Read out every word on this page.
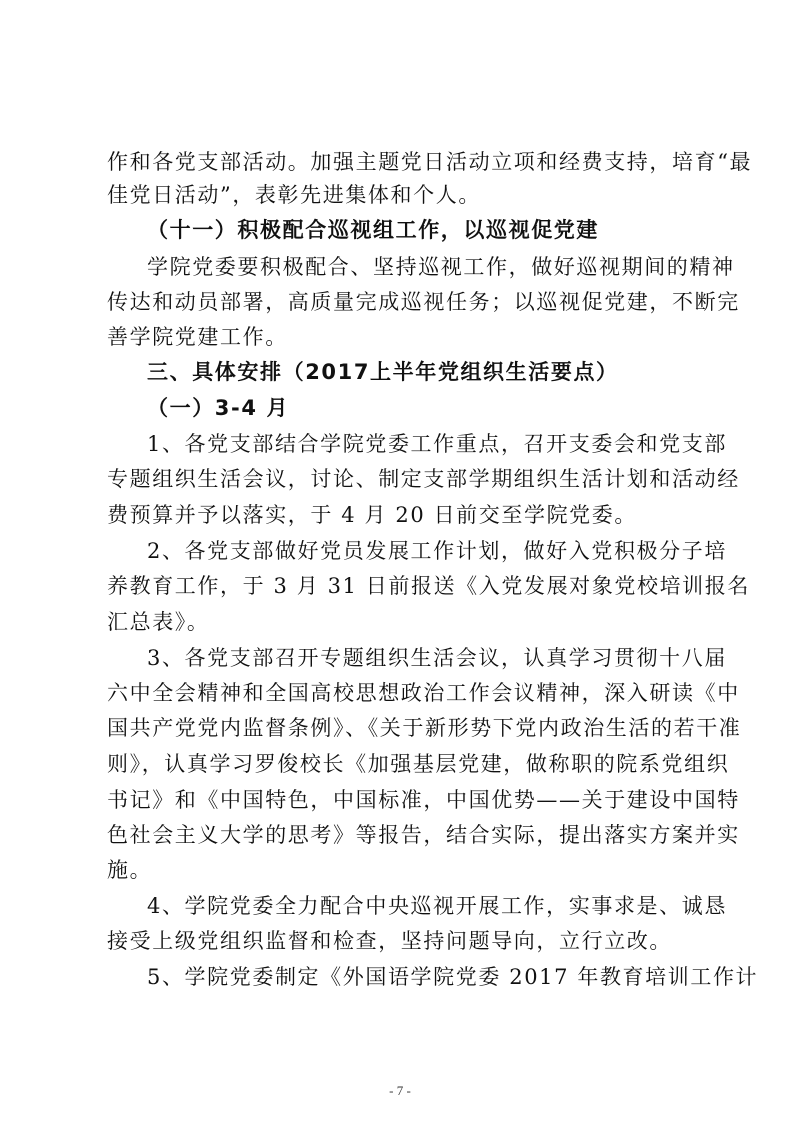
作和各党支部活动。加强主题党日活动立项和经费支持，培育“最
佳党日活动”，表彰先进集体和个人。
（十一）积极配合巡视组工作，以巡视促党建
学院党委要积极配合、坚持巡视工作，做好巡视期间的精神
传达和动员部署，高质量完成巡视任务；以巡视促党建，不断完
善学院党建工作。
三、具体安排（2017上半年党组织生活要点）
（一）3-4 月
1、各党支部结合学院党委工作重点，召开支委会和党支部
专题组织生活会议，讨论、制定支部学期组织生活计划和活动经
费预算并予以落实，于 4 月 20 日前交至学院党委。
2、各党支部做好党员发展工作计划，做好入党积极分子培
养教育工作，于 3 月 31 日前报送《入党发展对象党校培训报名
汇总表》。
3、各党支部召开专题组织生活会议，认真学习贯彻十八届
六中全会精神和全国高校思想政治工作会议精神，深入研读《中
国共产党党内监督条例》、《关于新形势下党内政治生活的若干准
则》，认真学习罗俊校长《加强基层党建，做称职的院系党组织
书记》和《中国特色，中国标准，中国优势——关于建设中国特
色社会主义大学的思考》等报告，结合实际，提出落实方案并实
施。
4、学院党委全力配合中央巡视开展工作，实事求是、诚恳
接受上级党组织监督和检查，坚持问题导向，立行立改。
5、学院党委制定《外国语学院党委 2017 年教育培训工作计
- 7 -
